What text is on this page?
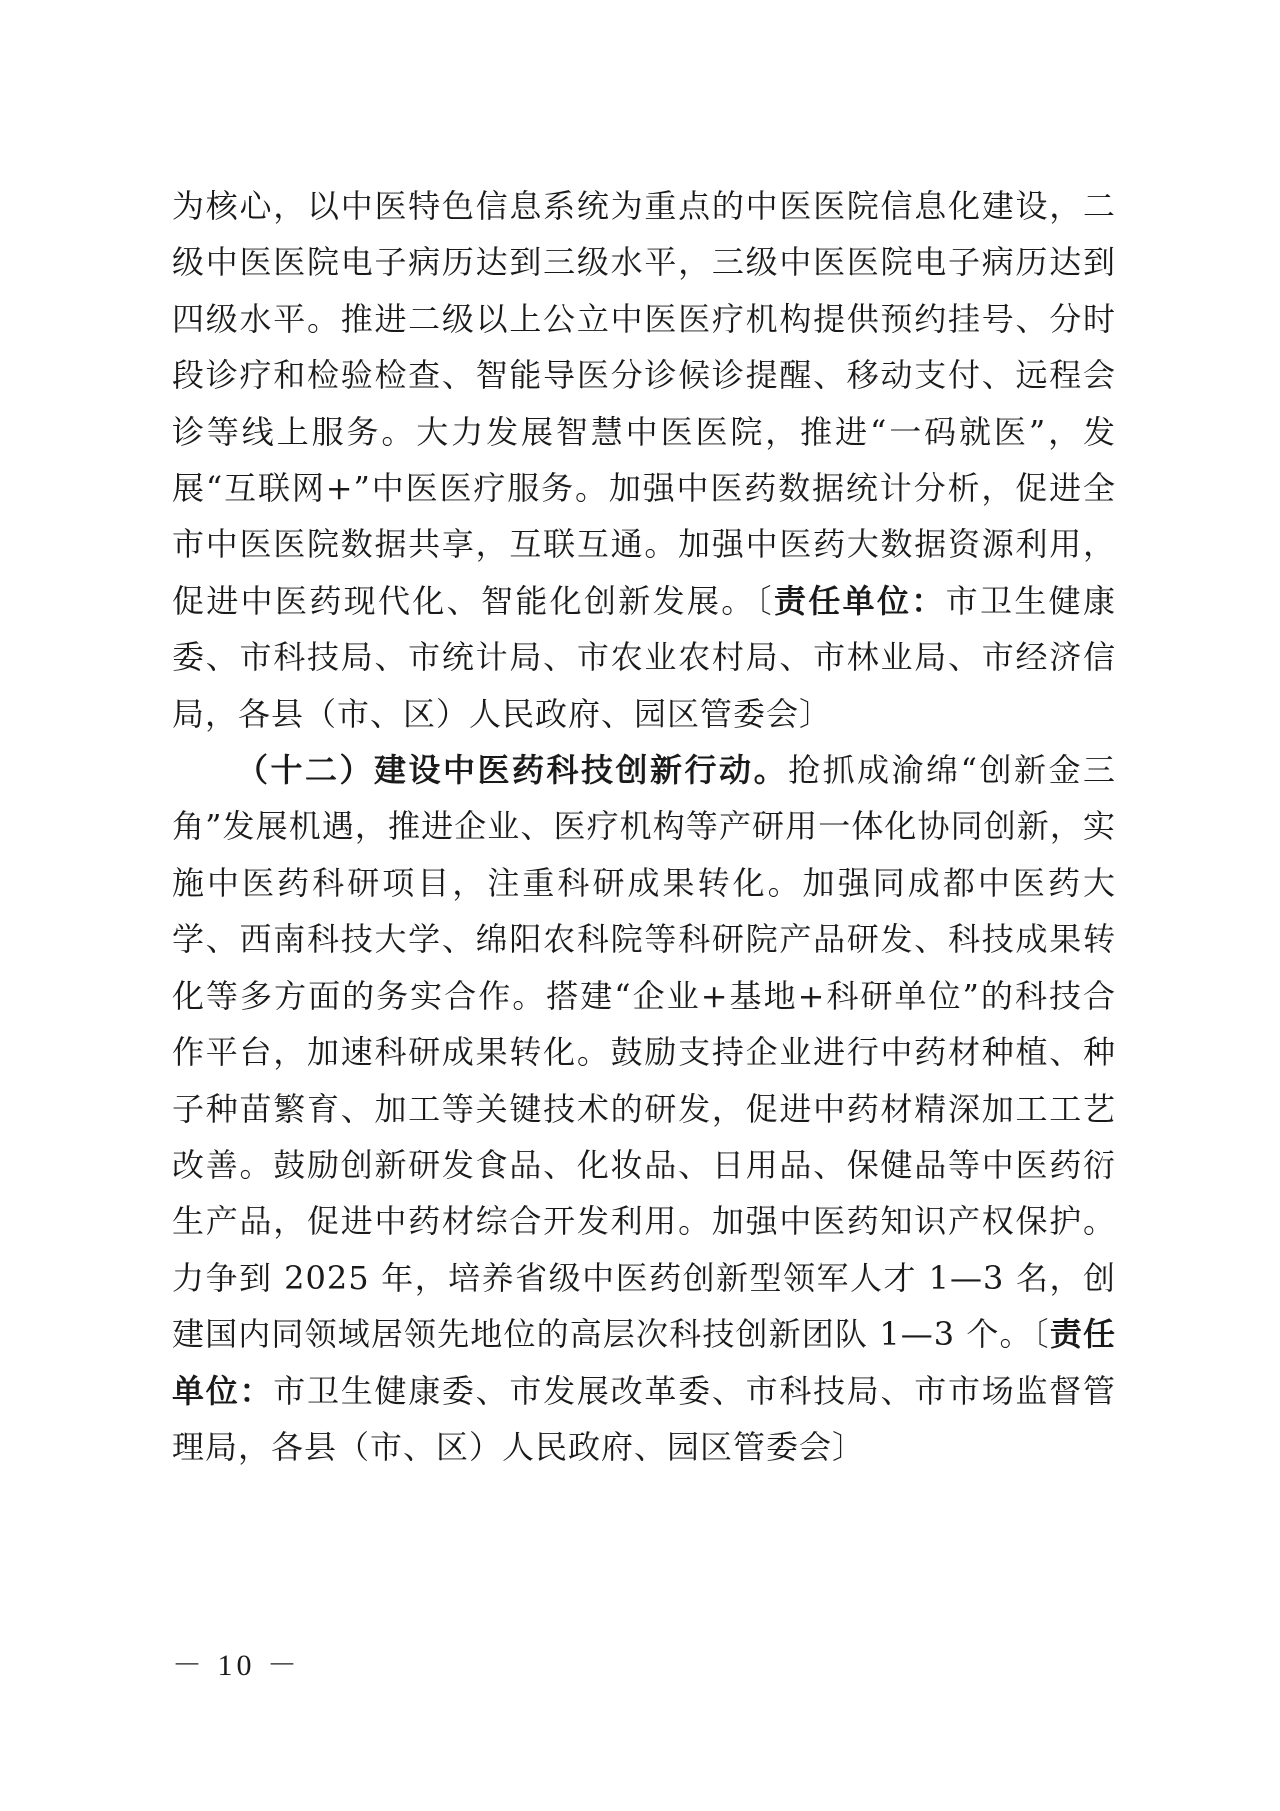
为核心，以中医特色信息系统为重点的中医医院信息化建设，二级中医医院电子病历达到三级水平，三级中医医院电子病历达到四级水平。推进二级以上公立中医医疗机构提供预约挂号、分时段诊疗和检验检查、智能导医分诊候诊提醒、移动支付、远程会诊等线上服务。大力发展智慧中医医院，推进“一码就医”，发展“互联网+”中医医疗服务。加强中医药数据统计分析，促进全市中医医院数据共享，互联互通。加强中医药大数据资源利用，促进中医药现代化、智能化创新发展。〔责任单位：市卫生健康委、市科技局、市统计局、市农业农村局、市林业局、市经济信局，各县（市、区）人民政府、园区管委会〕

（十二）建设中医药科技创新行动。抢抓成渝绵“创新金三角”发展机遇，推进企业、医疗机构等产研用一体化协同创新，实施中医药科研项目，注重科研成果转化。加强同成都中医药大学、西南科技大学、绵阳农科院等科研院产品研发、科技成果转化等多方面的务实合作。搭建“企业+基地+科研单位”的科技合作平台，加速科研成果转化。鼓励支持企业进行中药材种植、种子种苗繁育、加工等关键技术的研发，促进中药材精深加工工艺改善。鼓励创新研发食品、化妆品、日用品、保健品等中医药衍生产品，促进中药材综合开发利用。加强中医药知识产权保护。力争到 2025 年，培养省级中医药创新型领军人才 1—3 名，创建国内同领域居领先地位的高层次科技创新团队 1—3 个。〔责任单位：市卫生健康委、市发展改革委、市科技局、市市场监督管理局，各县（市、区）人民政府、园区管委会〕

－ 10 －
